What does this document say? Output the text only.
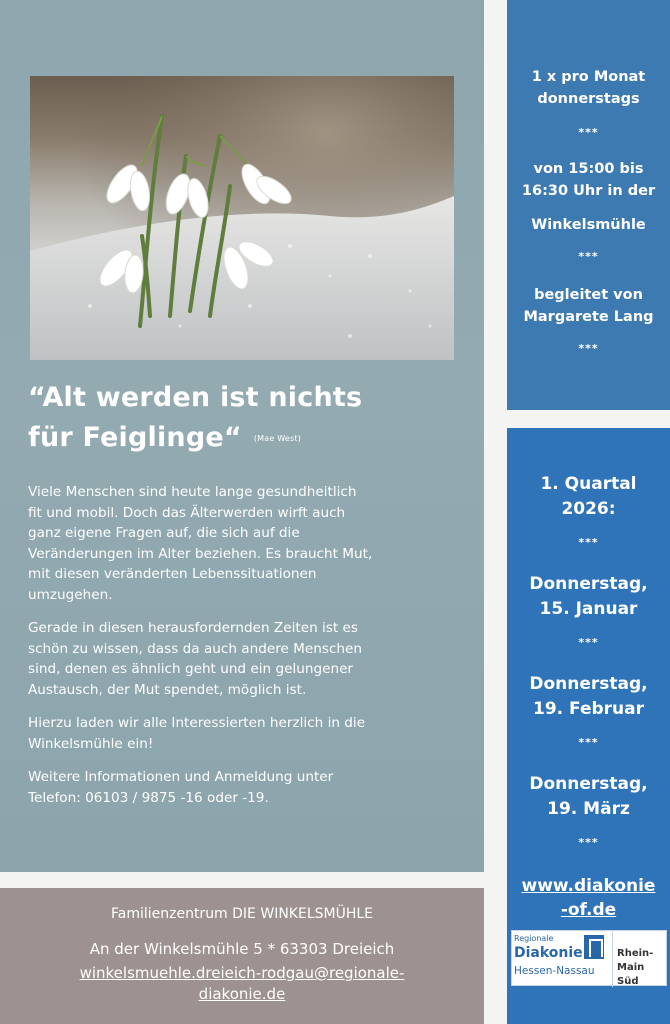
“Alt werden ist nichts
für Feiglinge“ (Mae West)

Viele Menschen sind heute lange gesundheitlich
fit und mobil. Doch das Älterwerden wirft auch
ganz eigene Fragen auf, die sich auf die
Veränderungen im Alter beziehen. Es braucht Mut,
mit diesen veränderten Lebenssituationen
umzugehen.

Gerade in diesen herausfordernden Zeiten ist es
schön zu wissen, dass da auch andere Menschen
sind, denen es ähnlich geht und ein gelungener
Austausch, der Mut spendet, möglich ist.

Hierzu laden wir alle Interessierten herzlich in die
Winkelsmühle ein!

Weitere Informationen und Anmeldung unter
Telefon: 06103 / 9875 -16 oder -19.

Familienzentrum DIE WINKELSMÜHLE
An der Winkelsmühle 5 * 63303 Dreieich
winkelsmuehle.dreieich-rodgau@regionale-
diakonie.de
1 x pro Monat
donnerstags
***
von 15:00 bis
16:30 Uhr in der
Winkelsmühle
***
begleitet von
Margarete Lang
***
1. Quartal
2026:
***
Donnerstag,
15. Januar
***
Donnerstag,
19. Februar
***
Donnerstag,
19. März
***
www.diakonie
-of.de
Regionale
Diakonie
Hessen-Nassau
Rhein-Main
Süd
